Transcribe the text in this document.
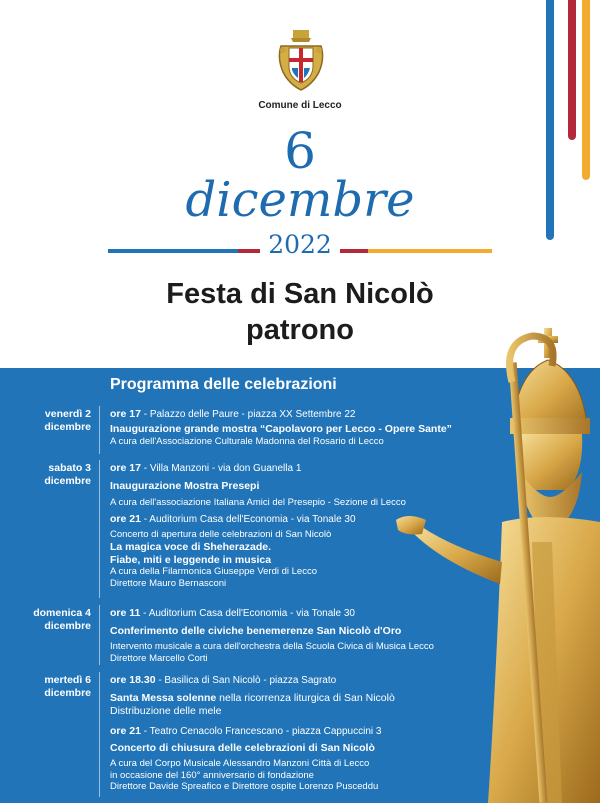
Comune di Lecco
6
dicembre
2022
Festa di San Nicolò
patrono
Programma delle celebrazioni
venerdì 2
dicembre
ore 17 - Palazzo delle Paure - piazza XX Settembre 22
Inaugurazione grande mostra “Capolavoro per Lecco - Opere Sante”
A cura dell'Associazione Culturale Madonna del Rosario di Lecco
sabato 3
dicembre
ore 17 - Villa Manzoni - via don Guanella 1
Inaugurazione Mostra Presepi
A cura dell'associazione Italiana Amici del Presepio - Sezione di Lecco
ore 21 - Auditorium Casa dell'Economia - via Tonale 30
Concerto di apertura delle celebrazioni di San Nicolò
La magica voce di Sheherazade.
Fiabe, miti e leggende in musica
A cura della Filarmonica Giuseppe Verdi di Lecco
Direttore Mauro Bernasconi
domenica 4
dicembre
ore 11 - Auditorium Casa dell'Economia - via Tonale 30
Conferimento delle civiche benemerenze San Nicolò d'Oro
Intervento musicale a cura dell'orchestra della Scuola Civica di Musica Lecco
Direttore Marcello Corti
mertedì 6
dicembre
ore 18.30 - Basilica di San Nicolò - piazza Sagrato
Santa Messa solenne nella ricorrenza liturgica di San Nicolò
Distribuzione delle mele
ore 21 - Teatro Cenacolo Francescano - piazza Cappuccini 3
Concerto di chiusura delle celebrazioni di San Nicolò
A cura del Corpo Musicale Alessandro Manzoni Città di Lecco
in occasione del 160° anniversario di fondazione
Direttore Davide Spreafico e Direttore ospite Lorenzo Pusceddu
